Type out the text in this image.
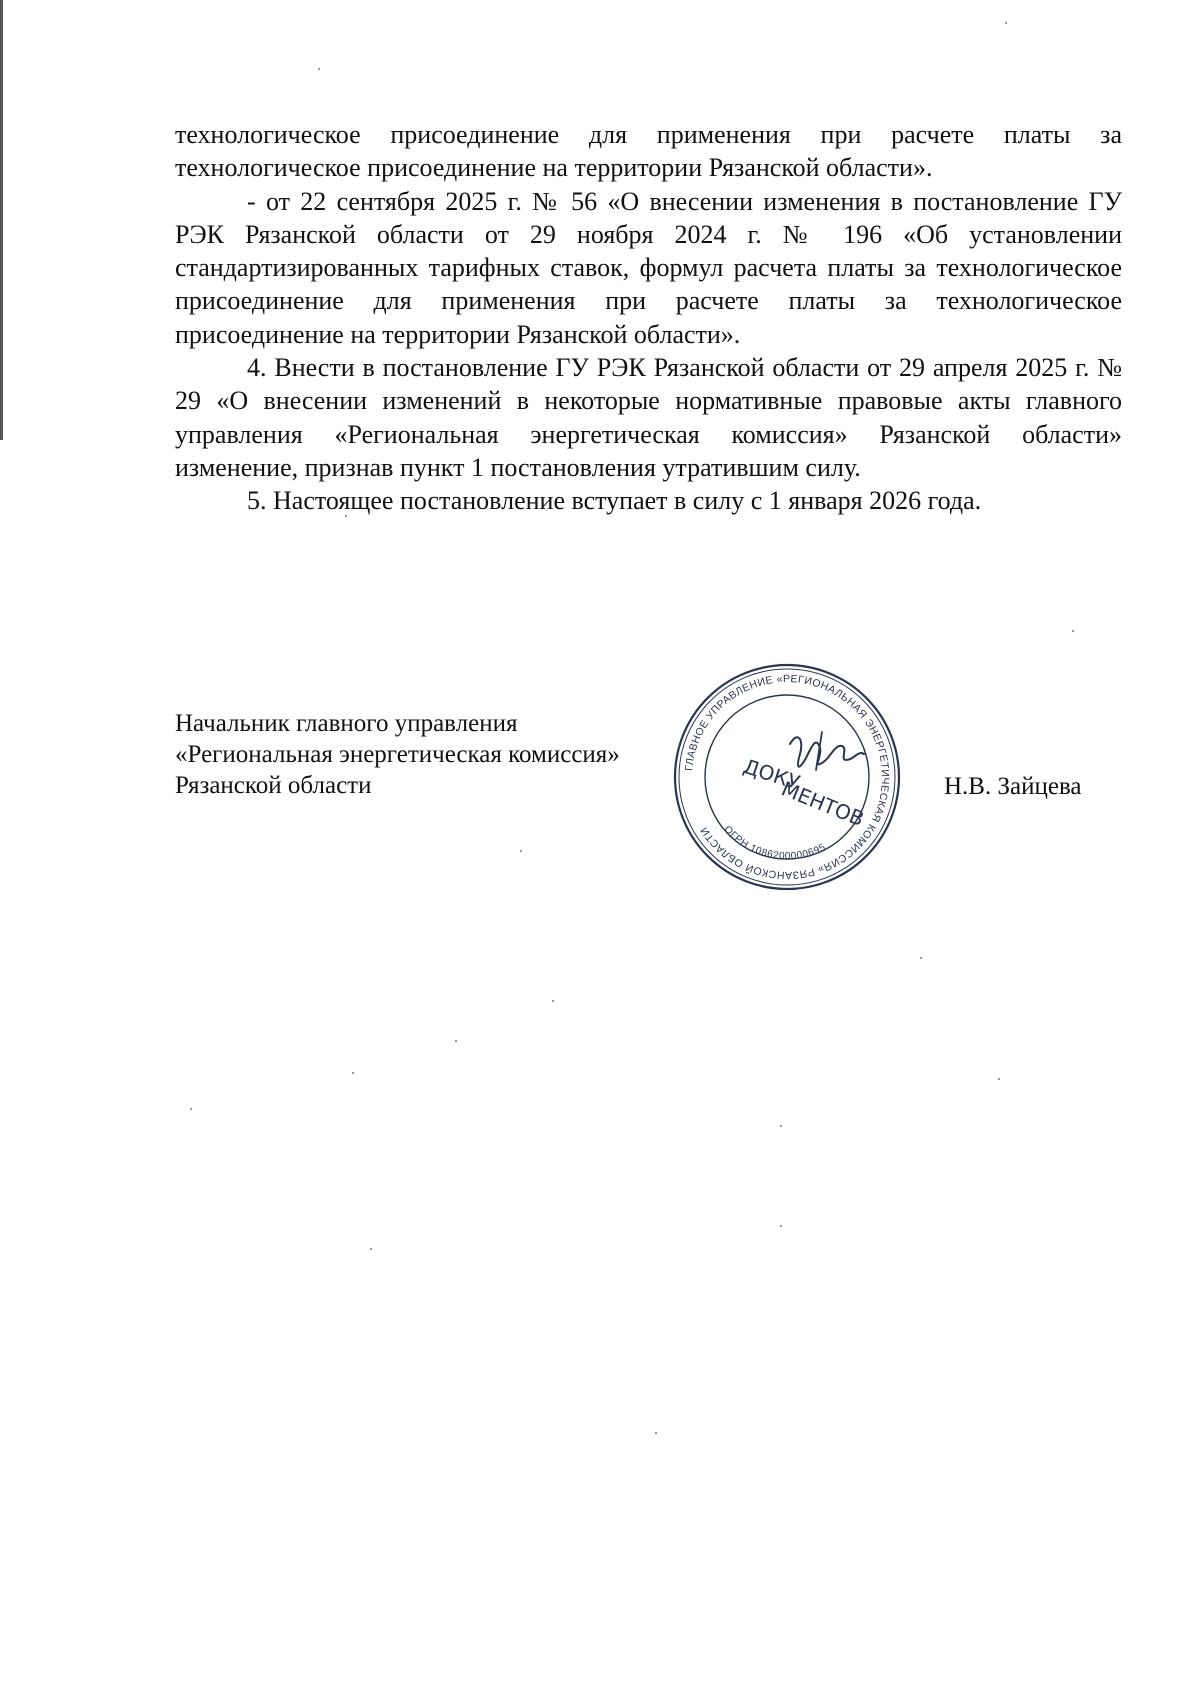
технологическое присоединение для применения при расчете платы за технологическое присоединение на территории Рязанской области».

- от 22 сентября 2025 г. № 56 «О внесении изменения в постановление ГУ РЭК Рязанской области от 29 ноября 2024 г. № 196 «Об установлении стандартизированных тарифных ставок, формул расчета платы за технологическое присоединение для применения при расчете платы за технологическое присоединение на территории Рязанской области».

4. Внести в постановление ГУ РЭК Рязанской области от 29 апреля 2025 г. № 29 «О внесении изменений в некоторые нормативные правовые акты главного управления «Региональная энергетическая комиссия» Рязанской области» изменение, признав пункт 1 постановления утратившим силу.

5. Настоящее постановление вступает в силу с 1 января 2026 года.

Начальник главного управления
«Региональная энергетическая комиссия»
Рязанской области	Н.В. Зайцева
ГЛАВНОЕ УПРАВЛЕНИЕ «РЕГИОНАЛЬНАЯ ЭНЕРГЕТИЧЕСКАЯ КОМИССИЯ» РЯЗАНСКОЙ ОБЛАСТИ ОГРН 1086200000695
ДОКУ
МЕНТОВ
